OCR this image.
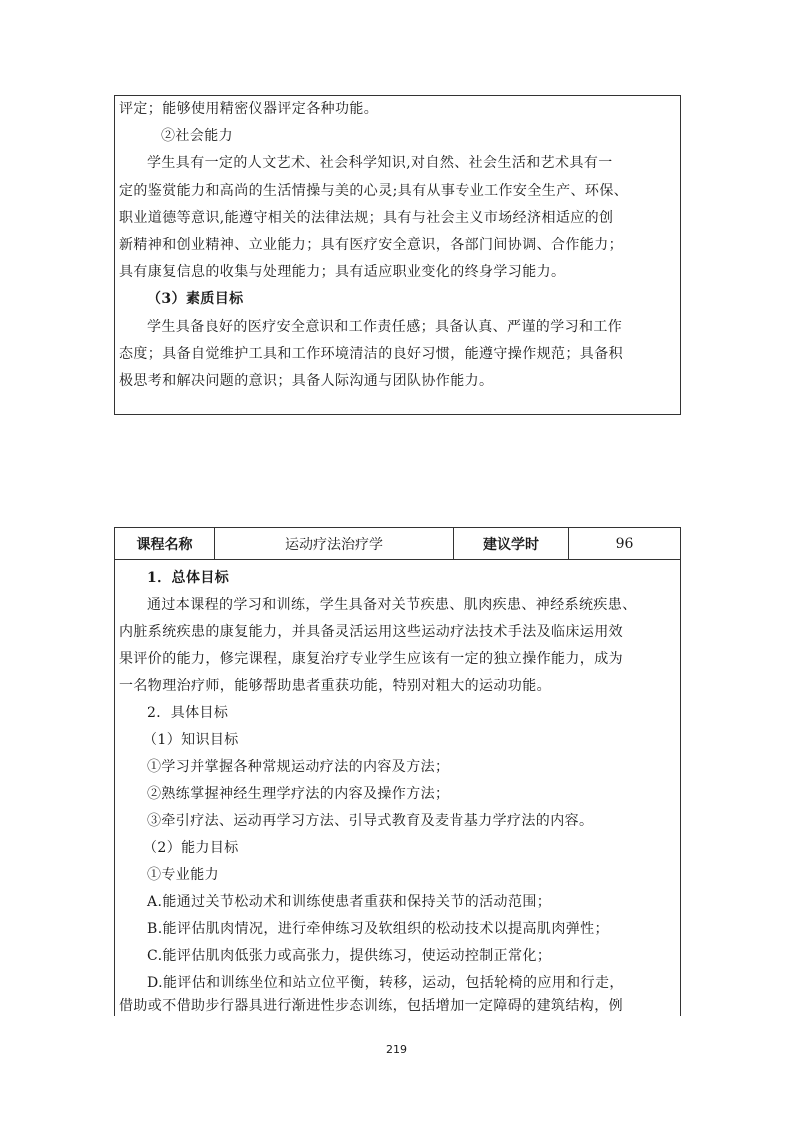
评定；能够使用精密仪器评定各种功能。
②社会能力
学生具有一定的人文艺术、社会科学知识,对自然、社会生活和艺术具有一
定的鉴赏能力和高尚的生活情操与美的心灵;具有从事专业工作安全生产、环保、
职业道德等意识,能遵守相关的法律法规；具有与社会主义市场经济相适应的创
新精神和创业精神、立业能力；具有医疗安全意识，各部门间协调、合作能力；
具有康复信息的收集与处理能力；具有适应职业变化的终身学习能力。
（3）素质目标
学生具备良好的医疗安全意识和工作责任感；具备认真、严谨的学习和工作
态度；具备自觉维护工具和工作环境清洁的良好习惯，能遵守操作规范；具备积
极思考和解决问题的意识；具备人际沟通与团队协作能力。
课程名称	运动疗法治疗学	建议学时	96
1．总体目标
通过本课程的学习和训练，学生具备对关节疾患、肌肉疾患、神经系统疾患、
内脏系统疾患的康复能力，并具备灵活运用这些运动疗法技术手法及临床运用效
果评价的能力，修完课程，康复治疗专业学生应该有一定的独立操作能力，成为
一名物理治疗师，能够帮助患者重获功能，特别对粗大的运动功能。
2．具体目标
（1）知识目标
①学习并掌握各种常规运动疗法的内容及方法；
②熟练掌握神经生理学疗法的内容及操作方法；
③牵引疗法、运动再学习方法、引导式教育及麦肯基力学疗法的内容。
（2）能力目标
①专业能力
A.能通过关节松动术和训练使患者重获和保持关节的活动范围；
B.能评估肌肉情况，进行牵伸练习及软组织的松动技术以提高肌肉弹性；
C.能评估肌肉低张力或高张力，提供练习，使运动控制正常化；
D.能评估和训练坐位和站立位平衡，转移，运动，包括轮椅的应用和行走，
借助或不借助步行器具进行渐进性步态训练，包括增加一定障碍的建筑结构，例
219
